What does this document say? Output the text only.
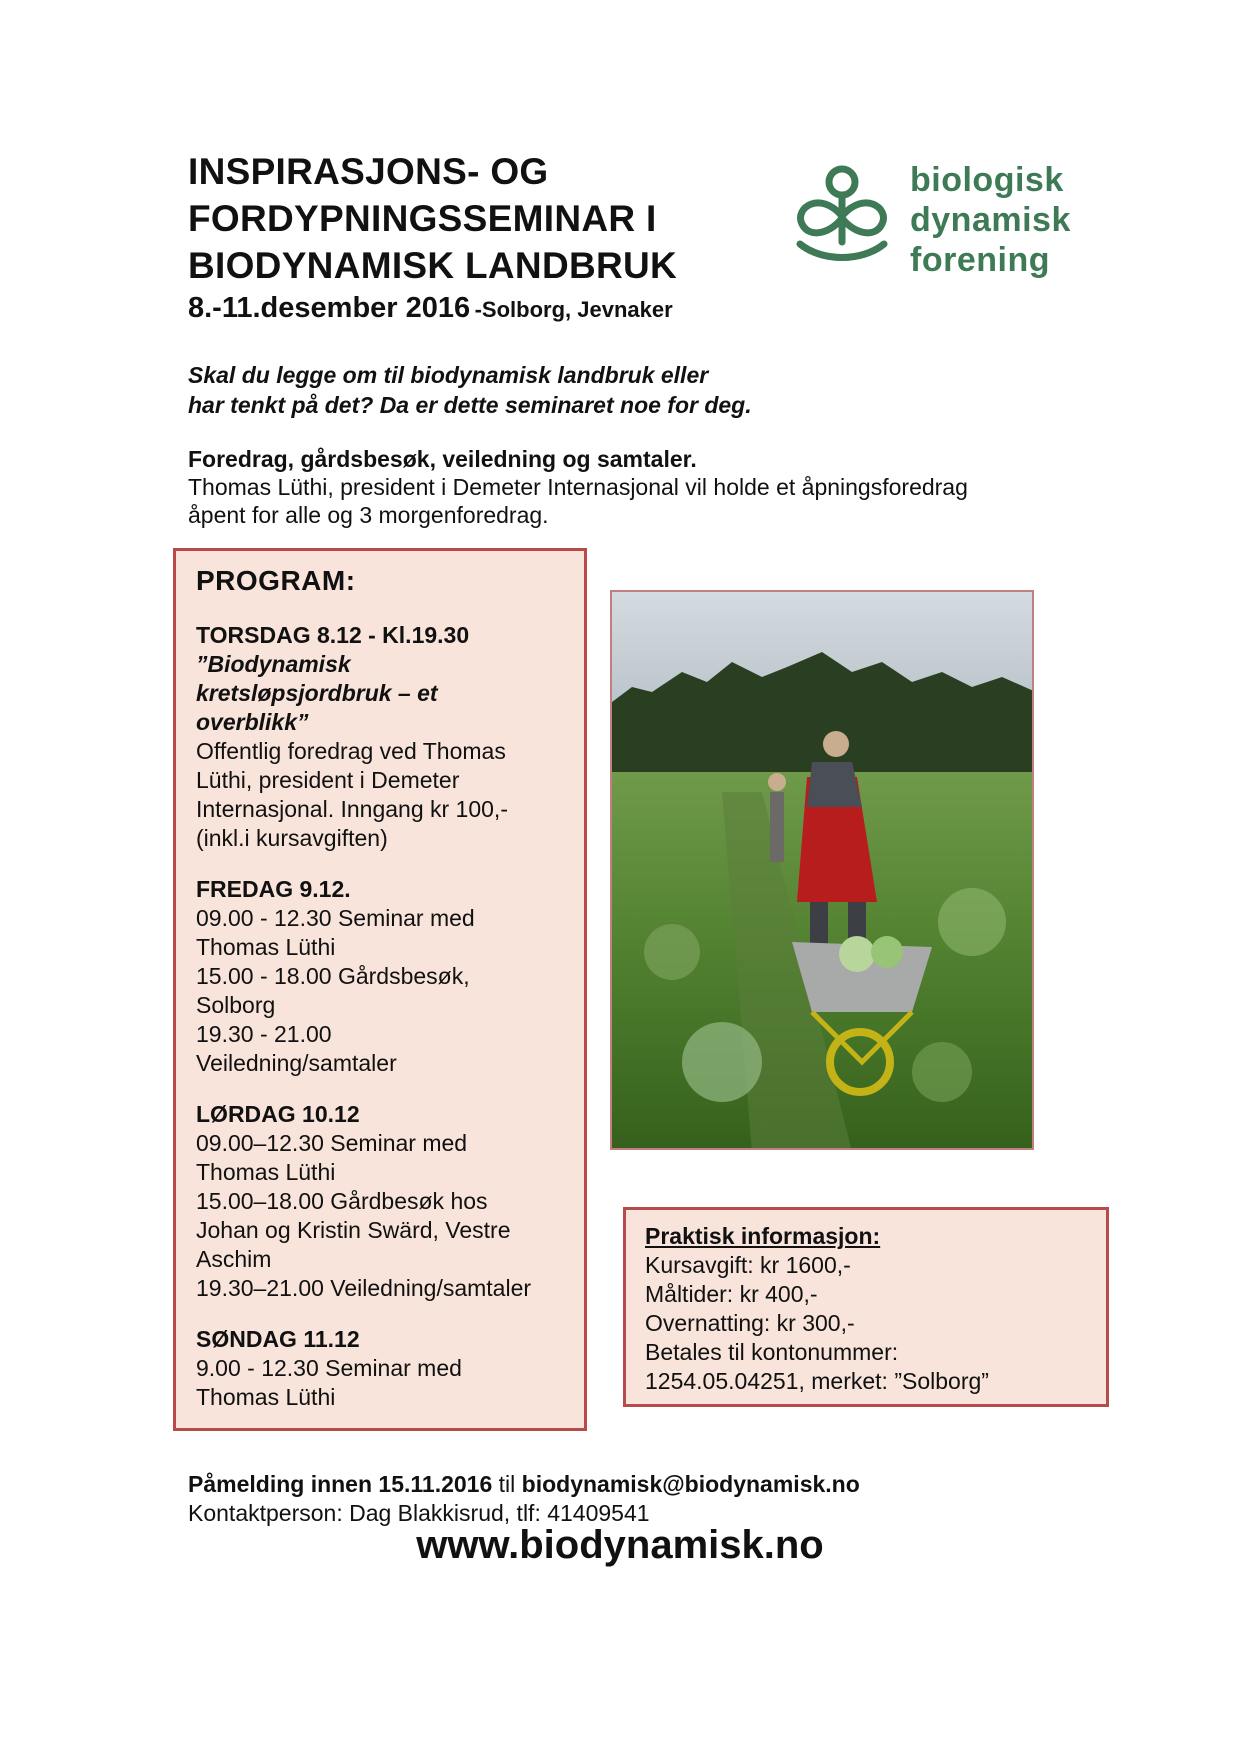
INSPIRASJONS- OG
FORDYPNINGSSEMINAR I
BIODYNAMISK LANDBRUK
8.-11.desember 2016 -Solborg, Jevnaker
biologisk
dynamisk
forening
Skal du legge om til biodynamisk landbruk eller
har tenkt på det? Da er dette seminaret noe for deg.
Foredrag, gårdsbesøk, veiledning og samtaler.
Thomas Lüthi, president i Demeter Internasjonal vil holde et åpningsforedrag
åpent for alle og 3 morgenforedrag.
PROGRAM:
TORSDAG 8.12 - Kl.19.30
”Biodynamisk
kretsløpsjordbruk – et
overblikk”
Offentlig foredrag ved Thomas
Lüthi, president i Demeter
Internasjonal. Inngang kr 100,-
(inkl.i kursavgiften)
FREDAG 9.12.
09.00 - 12.30 Seminar med
Thomas Lüthi
15.00 - 18.00 Gårdsbesøk,
Solborg
19.30 - 21.00
Veiledning/samtaler
LØRDAG 10.12
09.00–12.30 Seminar med
Thomas Lüthi
15.00–18.00 Gårdbesøk hos
Johan og Kristin Swärd, Vestre
Aschim
19.30–21.00 Veiledning/samtaler
SØNDAG 11.12
9.00 - 12.30 Seminar med
Thomas Lüthi
Praktisk informasjon:
Kursavgift: kr 1600,-
Måltider: kr 400,-
Overnatting: kr 300,-
Betales til kontonummer:
1254.05.04251, merket: ”Solborg”
Påmelding innen 15.11.2016 til biodynamisk@biodynamisk.no
Kontaktperson: Dag Blakkisrud, tlf: 41409541
www.biodynamisk.no
